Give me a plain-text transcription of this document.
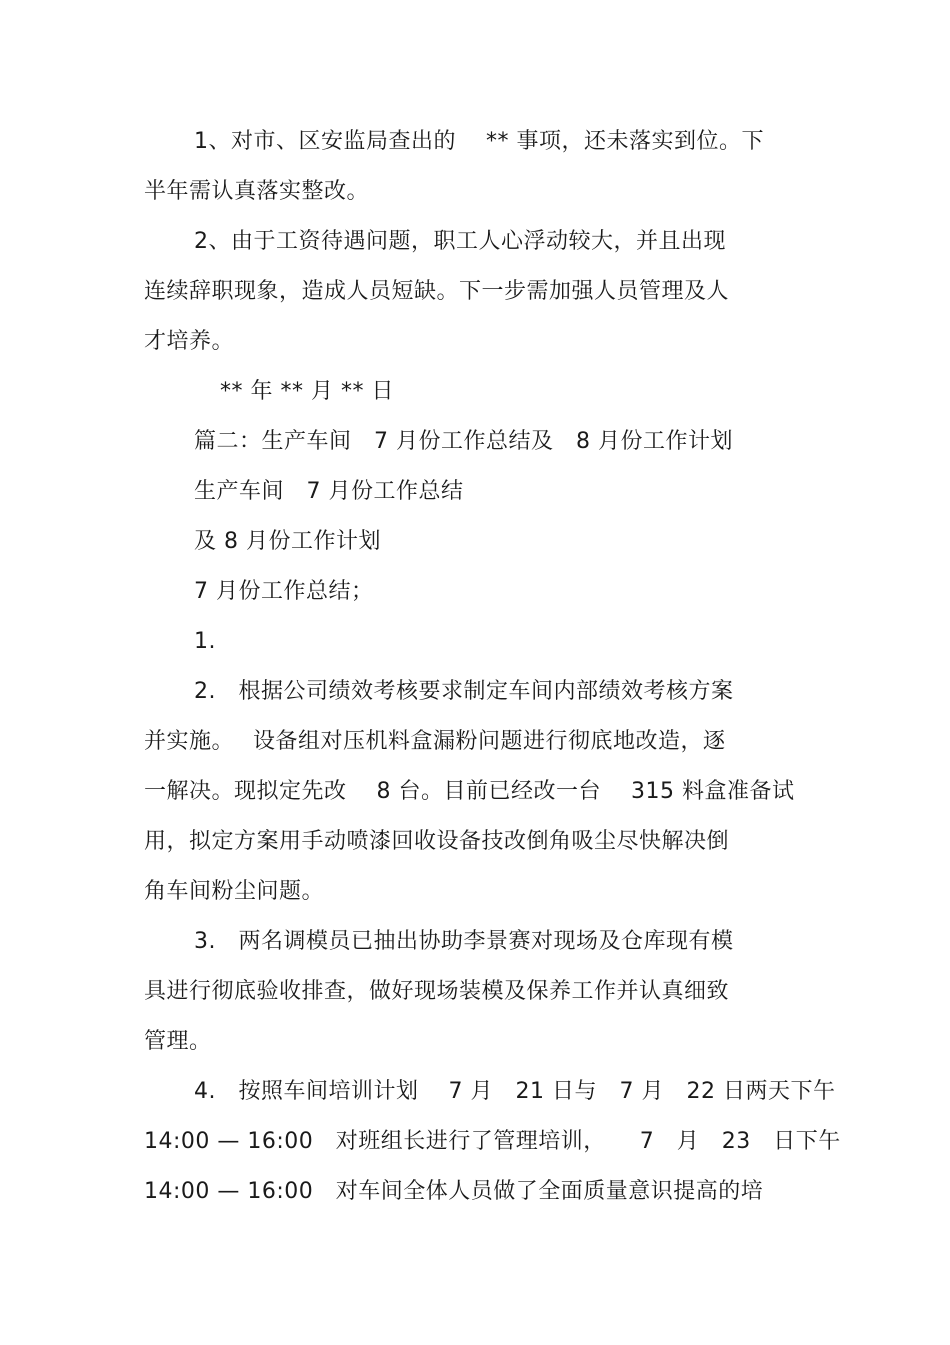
1、对市、区安监局查出的 　** 事项，还未落实到位。下
半年需认真落实整改。
2、由于工资待遇问题，职工人心浮动较大，并且出现
连续辞职现象，造成人员短缺。下一步需加强人员管理及人
才培养。
** 年 ** 月 ** 日
篇二：生产车间　7 月份工作总结及　8 月份工作计划
生产车间　7 月份工作总结
及 8 月份工作计划
7 月份工作总结；
1.
2.　根据公司绩效考核要求制定车间内部绩效考核方案
并实施。　 设备组对压机料盒漏粉问题进行彻底地改造，逐
一解决。现拟定先改　 8 台。目前已经改一台　 315 料盒准备试
用，拟定方案用手动喷漆回收设备技改倒角吸尘尽快解决倒
角车间粉尘问题。
3.　两名调模员已抽出协助李景赛对现场及仓库现有模
具进行彻底验收排查，做好现场装模及保养工作并认真细致
管理。
4.　按照车间培训计划　 7 月　21 日与　7 月　22 日两天下午
14:00 — 16:00　对班组长进行了管理培训，　　7　月　23　日下午
14:00 — 16:00　对车间全体人员做了全面质量意识提高的培
